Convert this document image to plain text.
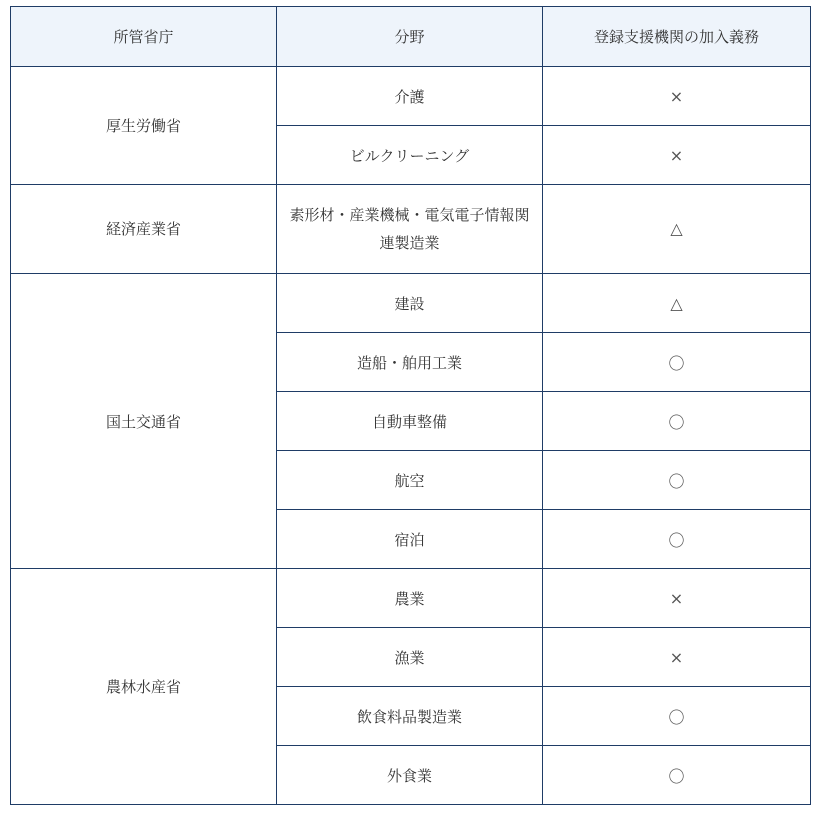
所管省庁	分野	登録支援機関の加入義務
厚生労働省	介護	×
	ビルクリーニング	×
経済産業省	素形材・産業機械・電気電子情報関連製造業	△
国土交通省	建設	△
	造船・舶用工業	〇
	自動車整備	〇
	航空	〇
	宿泊	〇
農林水産省	農業	×
	漁業	×
	飲食料品製造業	〇
	外食業	〇
